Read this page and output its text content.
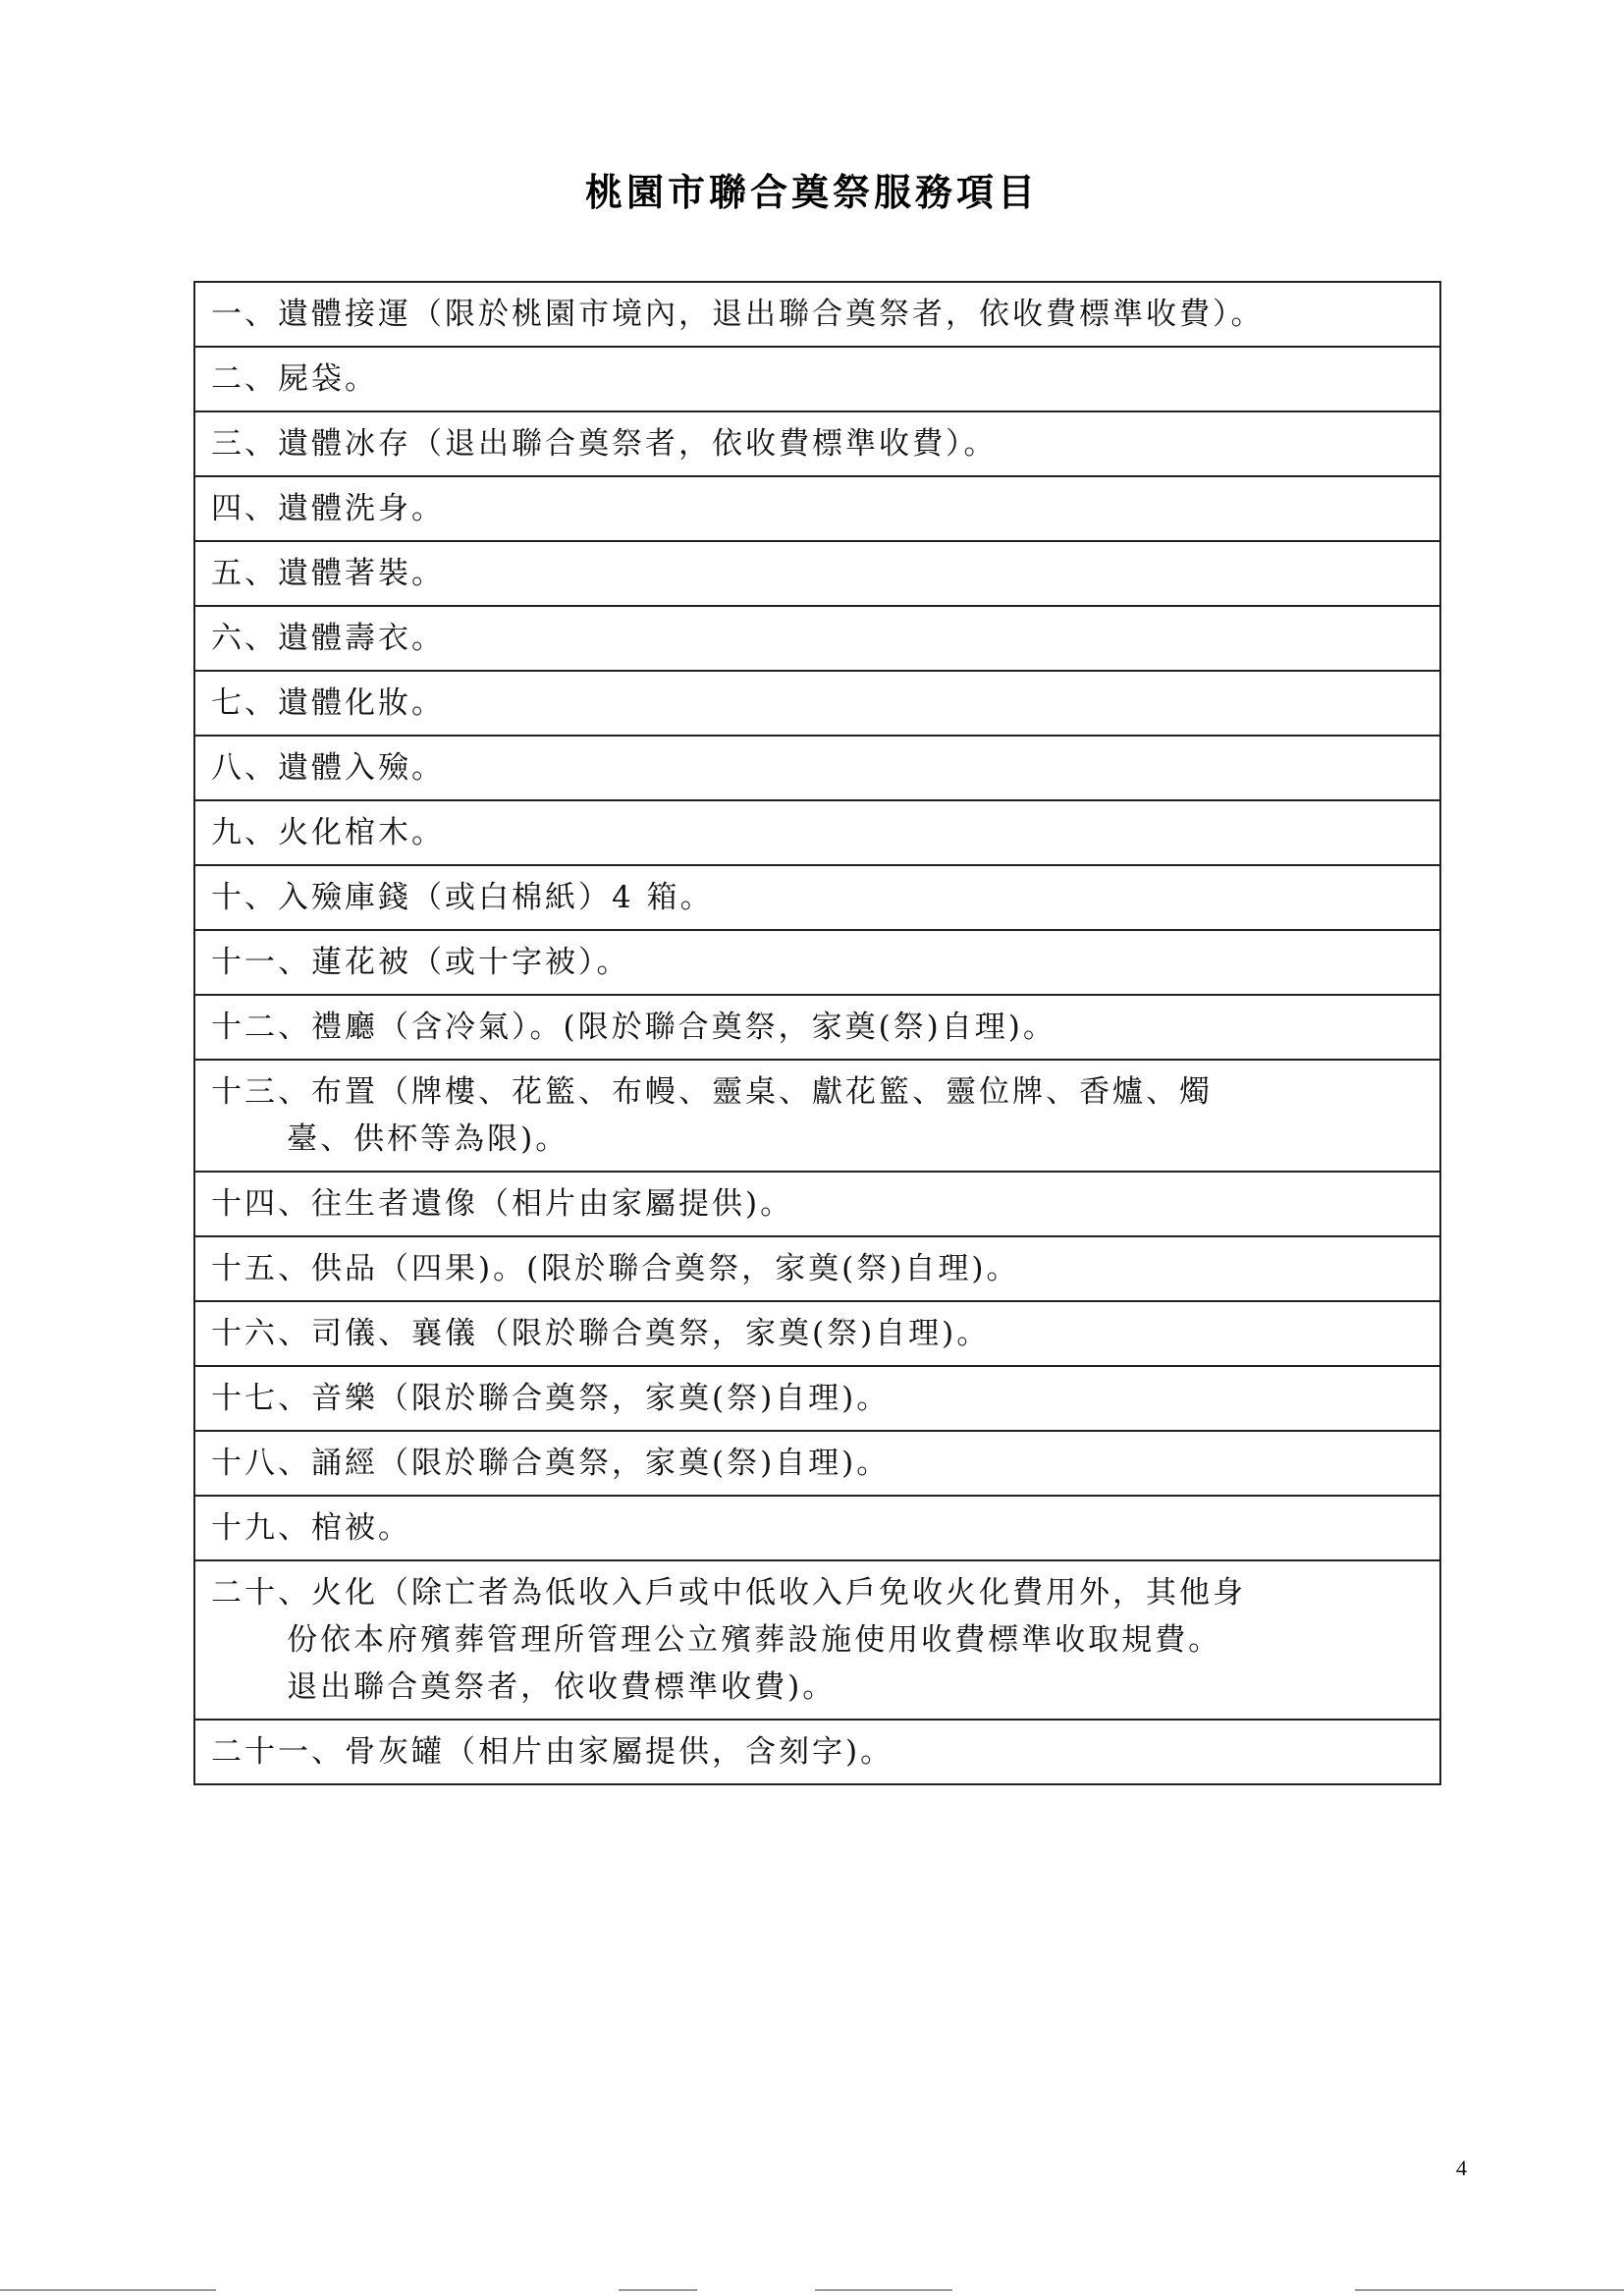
桃園市聯合奠祭服務項目
一、遺體接運（限於桃園市境內，退出聯合奠祭者，依收費標準收費）。
二、屍袋。
三、遺體冰存（退出聯合奠祭者，依收費標準收費）。
四、遺體洗身。
五、遺體著裝。
六、遺體壽衣。
七、遺體化妝。
八、遺體入殮。
九、火化棺木。
十、入殮庫錢（或白棉紙）4 箱。
十一、蓮花被（或十字被）。
十二、禮廳（含冷氣）。(限於聯合奠祭，家奠(祭)自理)。
十三、布置（牌樓、花籃、布幔、靈桌、獻花籃、靈位牌、香爐、燭
臺、供杯等為限)。
十四、往生者遺像（相片由家屬提供)。
十五、供品（四果)。(限於聯合奠祭，家奠(祭)自理)。
十六、司儀、襄儀（限於聯合奠祭，家奠(祭)自理)。
十七、音樂（限於聯合奠祭，家奠(祭)自理)。
十八、誦經（限於聯合奠祭，家奠(祭)自理)。
十九、棺被。
二十、火化（除亡者為低收入戶或中低收入戶免收火化費用外，其他身
份依本府殯葬管理所管理公立殯葬設施使用收費標準收取規費。
退出聯合奠祭者，依收費標準收費)。
二十一、骨灰罐（相片由家屬提供，含刻字)。
4
